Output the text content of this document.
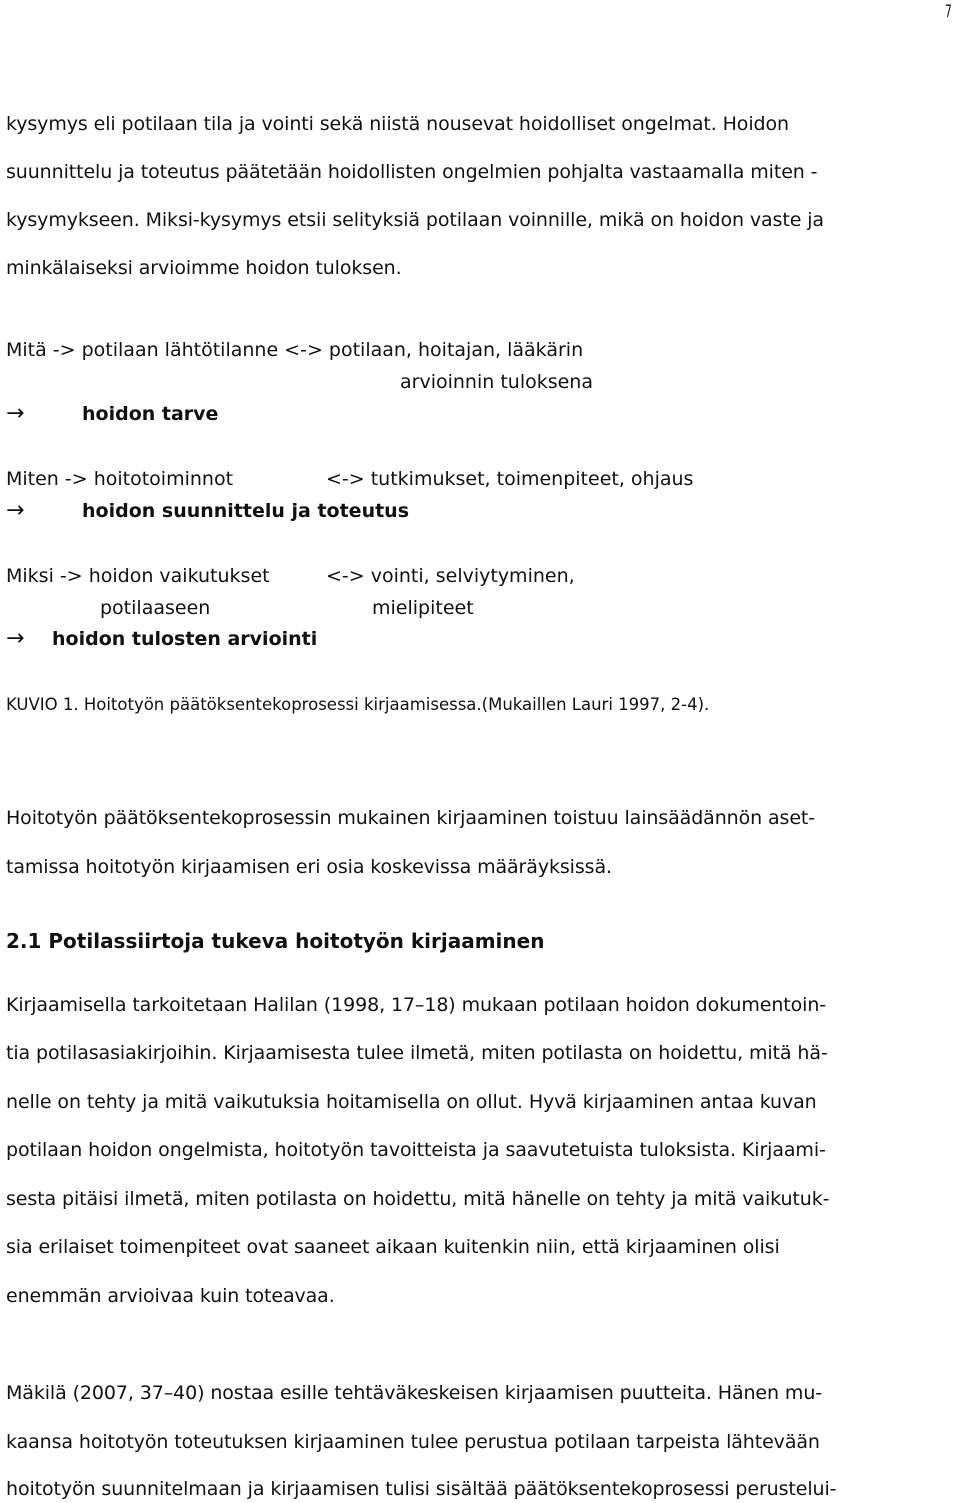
7
kysymys eli potilaan tila ja vointi sekä niistä nousevat hoidolliset ongelmat. Hoidon
suunnittelu ja toteutus päätetään hoidollisten ongelmien pohjalta vastaamalla miten -
kysymykseen. Miksi-kysymys etsii selityksiä potilaan voinnille, mikä on hoidon vaste ja
minkälaiseksi arvioimme hoidon tuloksen.
Mitä -> potilaan lähtötilanne <-> potilaan, hoitajan, lääkärin
arvioinnin tuloksena
→	hoidon tarve
Miten -> hoitotoiminnot	<-> tutkimukset, toimenpiteet, ohjaus
→	hoidon suunnittelu ja toteutus
Miksi -> hoidon vaikutukset	<-> vointi, selviytyminen,
potilaaseen	mielipiteet
→ hoidon tulosten arviointi
KUVIO 1. Hoitotyön päätöksentekoprosessi kirjaamisessa.(Mukaillen Lauri 1997, 2-4).
Hoitotyön päätöksentekoprosessin mukainen kirjaaminen toistuu lainsäädännön aset-
tamissa hoitotyön kirjaamisen eri osia koskevissa määräyksissä.
2.1 Potilassiirtoja tukeva hoitotyön kirjaaminen
Kirjaamisella tarkoitetaan Halilan (1998, 17–18) mukaan potilaan hoidon dokumentoin-
tia potilasasiakirjoihin. Kirjaamisesta tulee ilmetä, miten potilasta on hoidettu, mitä hä-
nelle on tehty ja mitä vaikutuksia hoitamisella on ollut. Hyvä kirjaaminen antaa kuvan
potilaan hoidon ongelmista, hoitotyön tavoitteista ja saavutetuista tuloksista. Kirjaami-
sesta pitäisi ilmetä, miten potilasta on hoidettu, mitä hänelle on tehty ja mitä vaikutuk-
sia erilaiset toimenpiteet ovat saaneet aikaan kuitenkin niin, että kirjaaminen olisi
enemmän arvioivaa kuin toteavaa.
Mäkilä (2007, 37–40) nostaa esille tehtäväkeskeisen kirjaamisen puutteita. Hänen mu-
kaansa hoitotyön toteutuksen kirjaaminen tulee perustua potilaan tarpeista lähtevään
hoitotyön suunnitelmaan ja kirjaamisen tulisi sisältää päätöksentekoprosessi perustelui-
